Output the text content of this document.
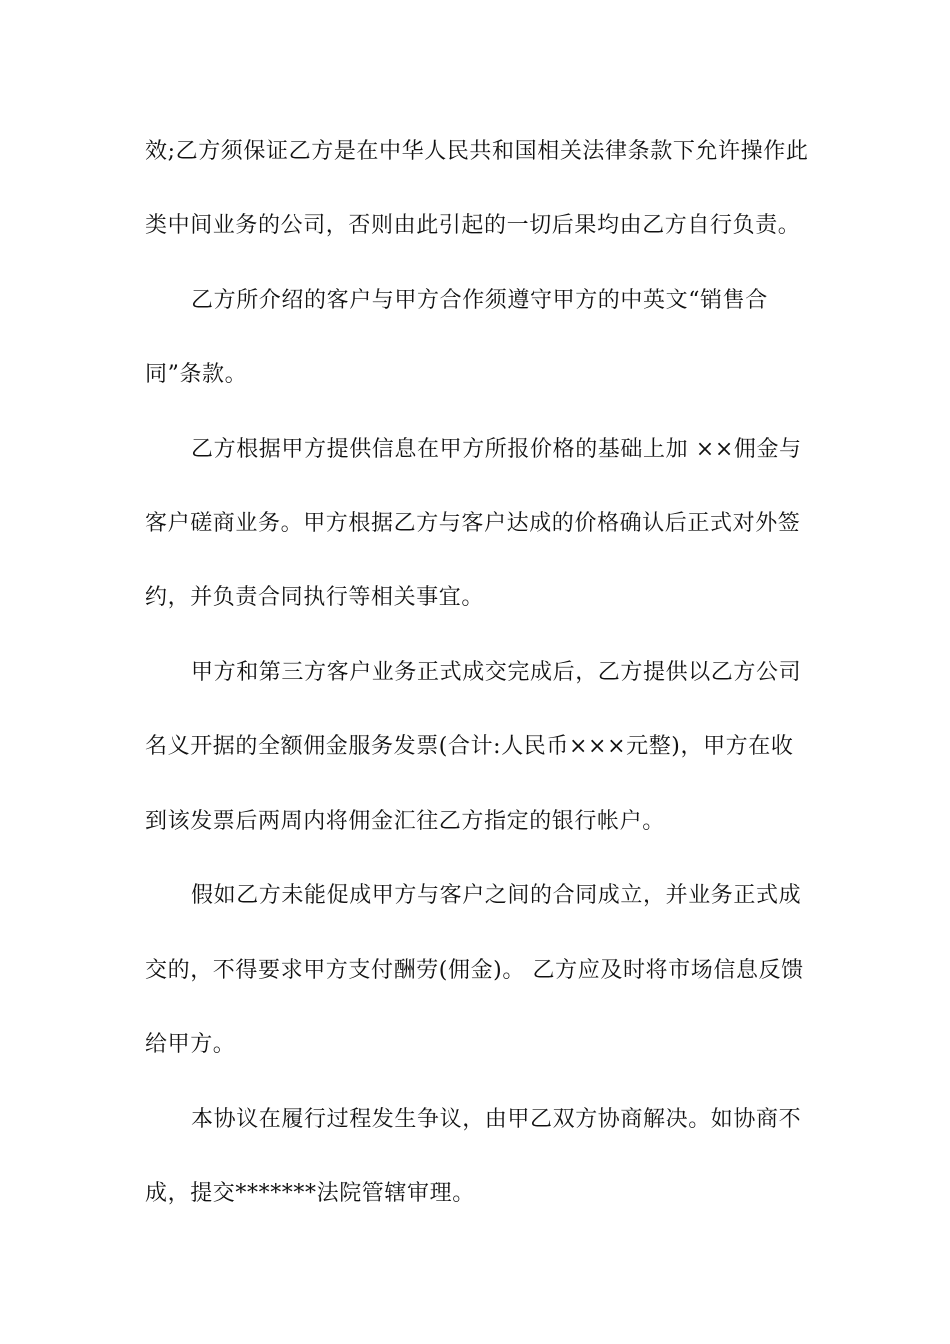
效;乙方须保证乙方是在中华人民共和国相关法律条款下允许操作此
类中间业务的公司，否则由此引起的一切后果均由乙方自行负责。
乙方所介绍的客户与甲方合作须遵守甲方的中英文“销售合
同”条款。
乙方根据甲方提供信息在甲方所报价格的基础上加 ××佣金与
客户磋商业务。甲方根据乙方与客户达成的价格确认后正式对外签
约，并负责合同执行等相关事宜。
甲方和第三方客户业务正式成交完成后，乙方提供以乙方公司
名义开据的全额佣金服务发票(合计:人民币×××元整)，甲方在收
到该发票后两周内将佣金汇往乙方指定的银行帐户。
假如乙方未能促成甲方与客户之间的合同成立，并业务正式成
交的，不得要求甲方支付酬劳(佣金)。 乙方应及时将市场信息反馈
给甲方。
本协议在履行过程发生争议，由甲乙双方协商解决。如协商不
成，提交*******法院管辖审理。
